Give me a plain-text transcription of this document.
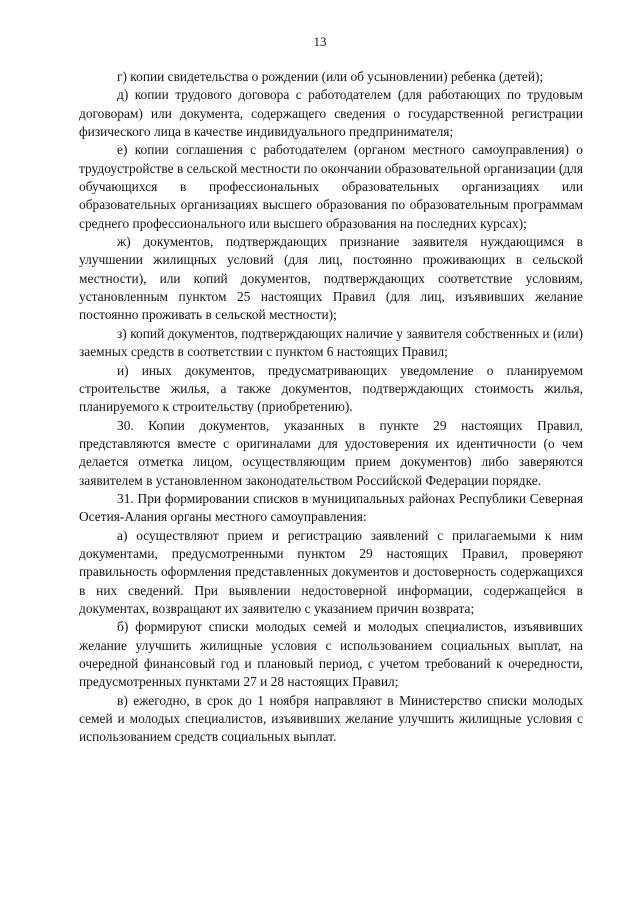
13

г) копии свидетельства о рождении (или об усыновлении) ребенка (детей);

д) копии трудового договора с работодателем (для работающих по трудовым договорам) или документа, содержащего сведения о государственной регистрации физического лица в качестве индивидуального предпринимателя;

е) копии соглашения с работодателем (органом местного самоуправления) о трудоустройстве в сельской местности по окончании образовательной организации (для обучающихся в профессиональных образовательных организациях или образовательных организациях высшего образования по образовательным программам среднего профессионального или высшего образования на последних курсах);

ж) документов, подтверждающих признание заявителя нуждающимся в улучшении жилищных условий (для лиц, постоянно проживающих в сельской местности), или копий документов, подтверждающих соответствие условиям, установленным пунктом 25 настоящих Правил (для лиц, изъявивших желание постоянно проживать в сельской местности);

з) копий документов, подтверждающих наличие у заявителя собственных и (или) заемных средств в соответствии с пунктом 6 настоящих Правил;

и) иных документов, предусматривающих уведомление о планируемом строительстве жилья, а также документов, подтверждающих стоимость жилья, планируемого к строительству (приобретению).

30. Копии документов, указанных в пункте 29 настоящих Правил, представляются вместе с оригиналами для удостоверения их идентичности (о чем делается отметка лицом, осуществляющим прием документов) либо заверяются заявителем в установленном законодательством Российской Федерации порядке.

31. При формировании списков в муниципальных районах Республики Северная Осетия-Алания органы местного самоуправления:

а) осуществляют прием и регистрацию заявлений с прилагаемыми к ним документами, предусмотренными пунктом 29 настоящих Правил, проверяют правильность оформления представленных документов и достоверность содержащихся в них сведений. При выявлении недостоверной информации, содержащейся в документах, возвращают их заявителю с указанием причин возврата;

б) формируют списки молодых семей и молодых специалистов, изъявивших желание улучшить жилищные условия с использованием социальных выплат, на очередной финансовый год и плановый период, с учетом требований к очередности, предусмотренных пунктами 27 и 28 настоящих Правил;

в) ежегодно, в срок до 1 ноября направляют в Министерство списки молодых семей и молодых специалистов, изъявивших желание улучшить жилищные условия с использованием средств социальных выплат.
